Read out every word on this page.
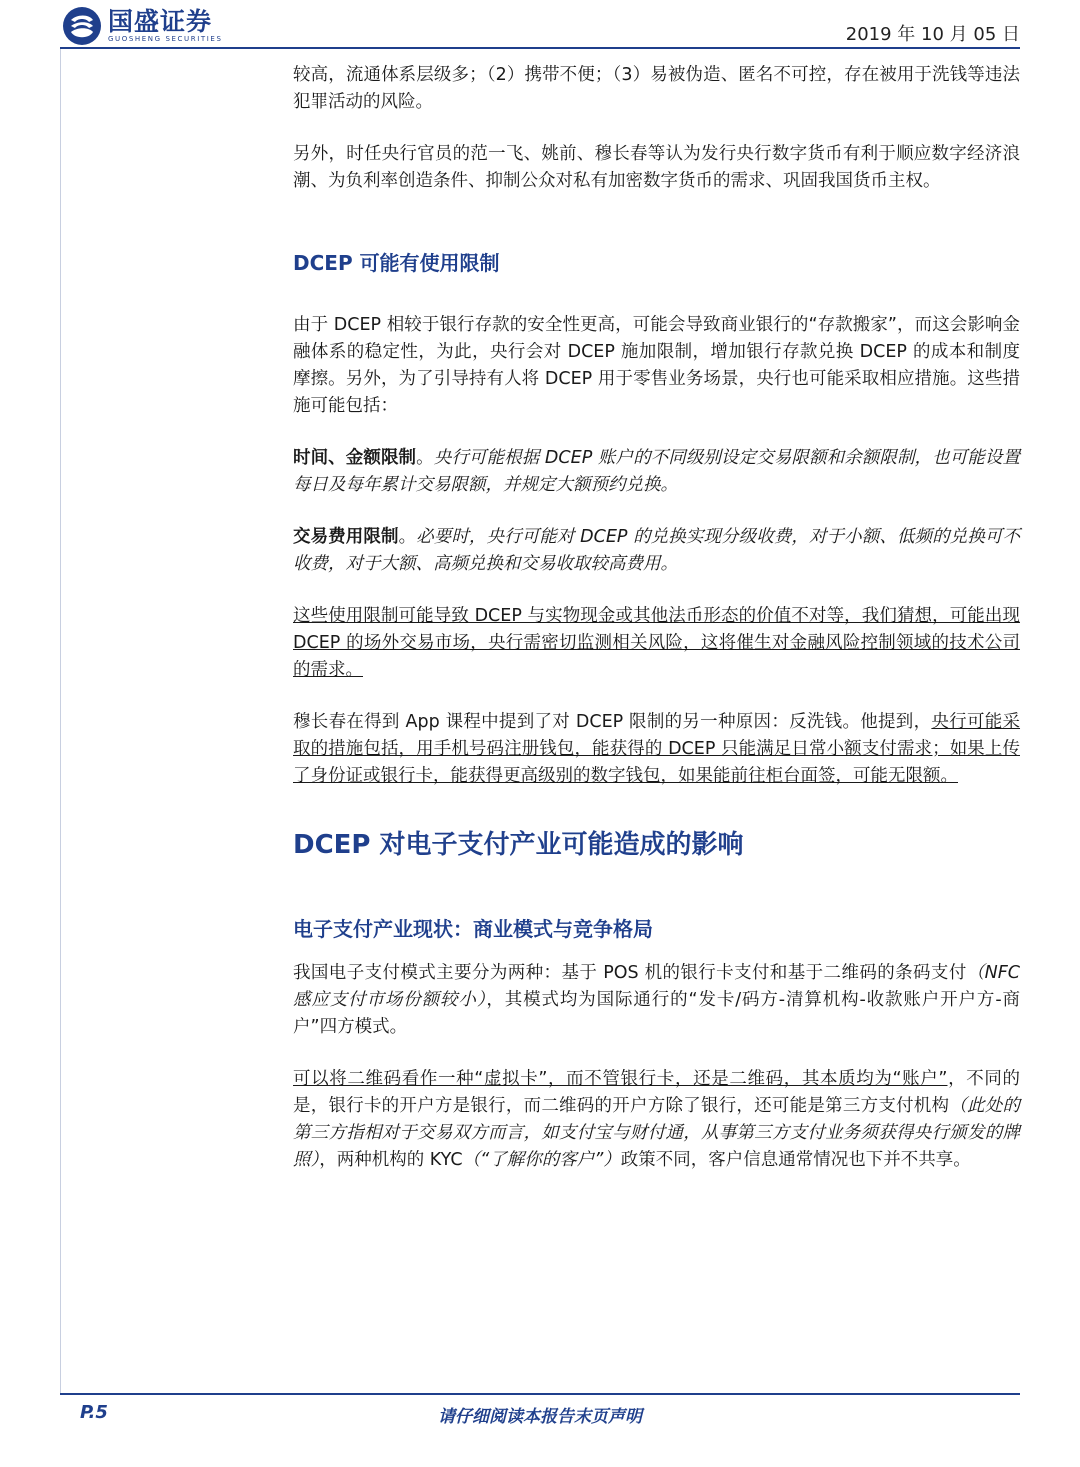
国盛证券
GUOSHENG SECURITIES	2019 年 10 月 05 日

较高，流通体系层级多；（2）携带不便；（3）易被伪造、匿名不可控，存在被用于洗钱等违法犯罪活动的风险。

另外，时任央行官员的范一飞、姚前、穆长春等认为发行央行数字货币有利于顺应数字经济浪潮、为负利率创造条件、抑制公众对私有加密数字货币的需求、巩固我国货币主权。

DCEP 可能有使用限制

由于 DCEP 相较于银行存款的安全性更高，可能会导致商业银行的“存款搬家”，而这会影响金融体系的稳定性，为此，央行会对 DCEP 施加限制，增加银行存款兑换 DCEP 的成本和制度摩擦。另外，为了引导持有人将 DCEP 用于零售业务场景，央行也可能采取相应措施。这些措施可能包括：

时间、金额限制。央行可能根据 DCEP 账户的不同级别设定交易限额和余额限制，也可能设置每日及每年累计交易限额，并规定大额预约兑换。

交易费用限制。必要时，央行可能对 DCEP 的兑换实现分级收费，对于小额、低频的兑换可不收费，对于大额、高频兑换和交易收取较高费用。

这些使用限制可能导致 DCEP 与实物现金或其他法币形态的价值不对等，我们猜想，可能出现 DCEP 的场外交易市场，央行需密切监测相关风险，这将催生对金融风险控制领域的技术公司的需求。

穆长春在得到 App 课程中提到了对 DCEP 限制的另一种原因：反洗钱。他提到，央行可能采取的措施包括，用手机号码注册钱包，能获得的 DCEP 只能满足日常小额支付需求；如果上传了身份证或银行卡，能获得更高级别的数字钱包，如果能前往柜台面签，可能无限额。

DCEP 对电子支付产业可能造成的影响
电子支付产业现状：商业模式与竞争格局

我国电子支付模式主要分为两种：基于 POS 机的银行卡支付和基于二维码的条码支付（NFC 感应支付市场份额较小），其模式均为国际通行的“发卡/码方-清算机构-收款账户开户方-商户”四方模式。

可以将二维码看作一种“虚拟卡”，而不管银行卡，还是二维码，其本质均为“账户”，不同的是，银行卡的开户方是银行，而二维码的开户方除了银行，还可能是第三方支付机构（此处的第三方指相对于交易双方而言，如支付宝与财付通，从事第三方支付业务须获得央行颁发的牌照），两种机构的 KYC（“了解你的客户”）政策不同，客户信息通常情况也下并不共享。

请仔细阅读本报告末页声明
P.5
